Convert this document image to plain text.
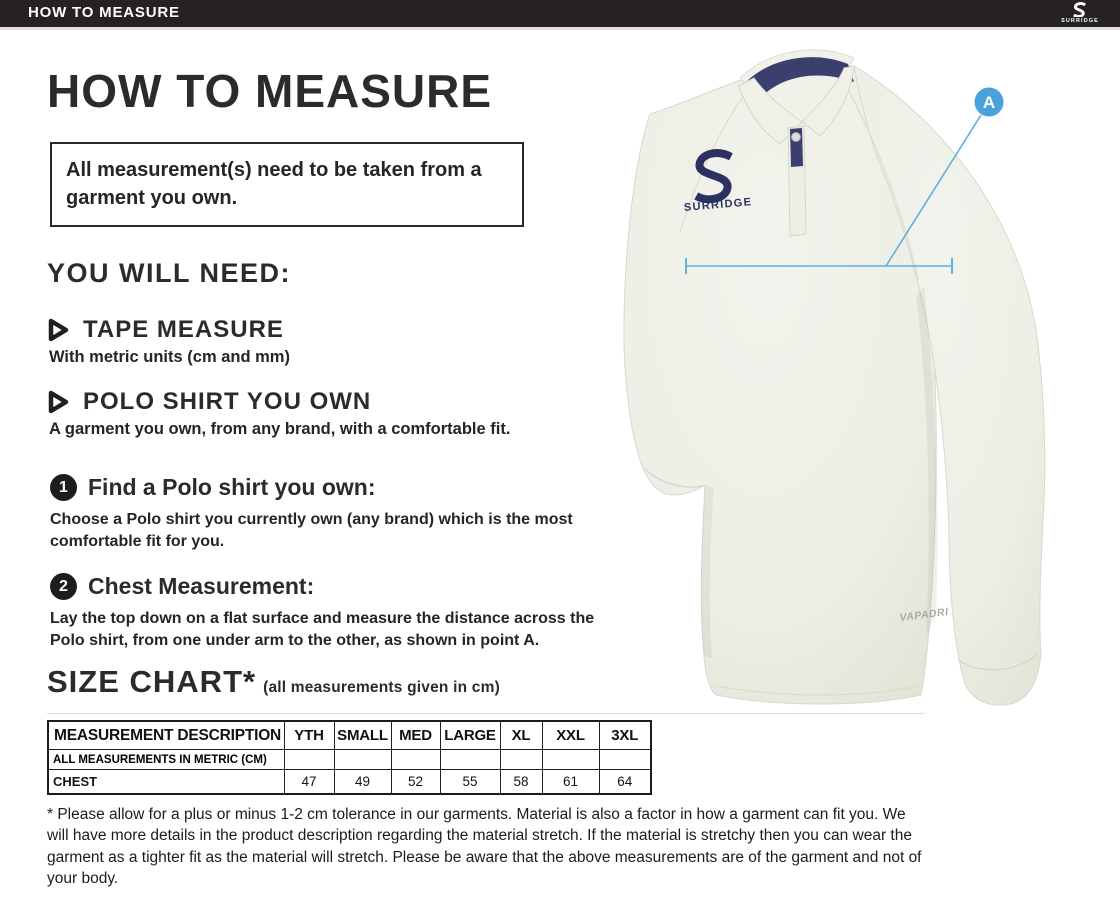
HOW TO MEASURE	SURRIDGE
HOW TO MEASURE

All measurement(s) need to be taken from a garment you own.

YOU WILL NEED:
TAPE MEASURE

With metric units (cm and mm)

POLO SHIRT YOU OWN

A garment you own, from any brand, with a comfortable fit.

1 Find a Polo shirt you own:

Choose a Polo shirt you currently own (any brand) which is the most comfortable fit for you.

2 Chest Measurement:

Lay the top down on a flat surface and measure the distance across the Polo shirt, from one under arm to the other, as shown in point A.

SIZE CHART* (all measurements given in cm)
MEASUREMENT DESCRIPTION	YTH	SMALL	MED	LARGE	XL	XXL	3XL
ALL MEASUREMENTS IN METRIC (CM)							
CHEST	47	49	52	55	58	61	64

* Please allow for a plus or minus 1-2 cm tolerance in our garments. Material is also a factor in how a garment can fit you. We will have more details in the product description regarding the material stretch. If the material is stretchy then you can wear the garment as a tighter fit as the material will stretch. Please be aware that the above measurements are of the garment and not of your body.

SURRIDGE
VAPADRI
A
